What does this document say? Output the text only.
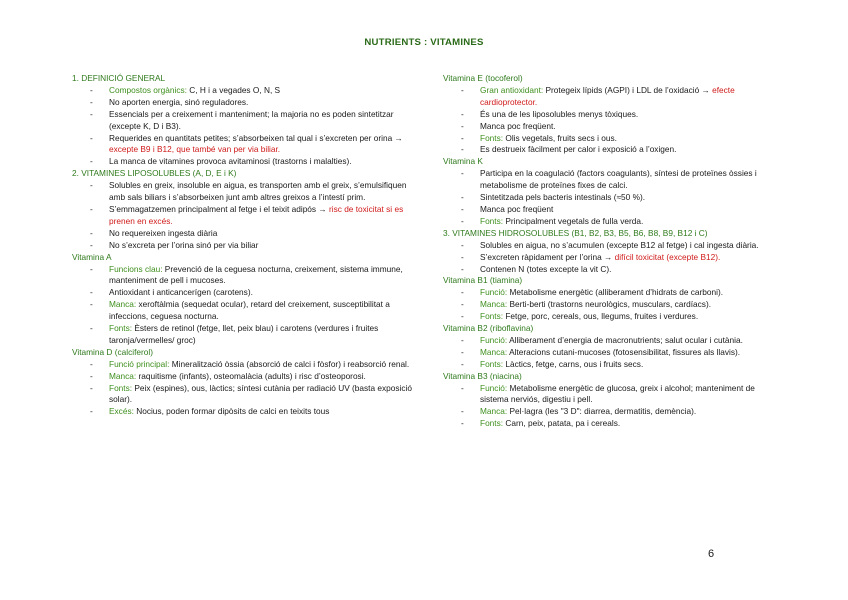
NUTRIENTS : VITAMINES
1. DEFINICIÓ GENERAL
- Compostos orgànics: C, H i a vegades O, N, S
- No aporten energia, sinó reguladores.
- Essencials per a creixement i manteniment; la majoria no es poden sintetitzar (excepte K, D i B3).
- Requerides en quantitats petites; s’absorbeixen tal qual i s’excreten per orina → excepte B9 i B12, que també van per via biliar.
- La manca de vitamines provoca avitaminosi (trastorns i malalties).
2. VITAMINES LIPOSOLUBLES (A, D, E i K)
- Solubles en greix, insoluble en aigua, es transporten amb el greix, s’emulsifiquen amb sals biliars i s’absorbeixen junt amb altres greixos a l’intestí prim.
- S’emmagatzemen principalment al fetge i el teixit adipós → risc de toxicitat si es prenen en excés.
- No requereixen ingesta diària
- No s’excreta per l’orina sinó per via biliar
Vitamina A
- Funcions clau: Prevenció de la ceguesa nocturna, creixement, sistema immune, manteniment de pell i mucoses.
- Antioxidant i anticancerígen (carotens).
- Manca: xeroftàlmia (sequedat ocular), retard del creixement, susceptibilitat a infeccions, ceguesa nocturna.
- Fonts: Èsters de retinol (fetge, llet, peix blau) i carotens (verdures i fruites taronja/vermelles/ groc)
Vitamina D (calciferol)
- Funció principal: Mineralització òssia (absorció de calci i fòsfor) i reabsorció renal.
- Manca: raquitisme (infants), osteomalàcia (adults) i risc d’osteoporosi.
- Fonts: Peix (espines), ous, làctics; síntesi cutània per radiació UV (basta exposició solar).
- Excés: Nocius, poden formar dipòsits de calci en teixits tous
Vitamina E (tocoferol)
- Gran antioxidant: Protegeix lípids (AGPI) i LDL de l’oxidació → efecte cardioprotector.
- És una de les liposolubles menys tòxiques.
- Manca poc freqüent.
- Fonts: Olis vegetals, fruits secs i ous.
- Es destrueix fàcilment per calor i exposició a l’oxigen.
Vitamina K
- Participa en la coagulació (factors coagulants), síntesi de proteïnes òssies i metabolisme de proteïnes fixes de calci.
- Sintetitzada pels bacteris intestinals (≈50 %).
- Manca poc freqüent
- Fonts: Principalment vegetals de fulla verda.
3. VITAMINES HIDROSOLUBLES (B1, B2, B3, B5, B6, B8, B9, B12 i C)
- Solubles en aigua, no s’acumulen (excepte B12 al fetge) i cal ingesta diària.
- S’excreten ràpidament per l’orina → difícil toxicitat (excepte B12).
- Contenen N (totes excepte la vit C).
Vitamina B1 (tiamina)
- Funció: Metabolisme energètic (alliberament d’hidrats de carboni).
- Manca: Berti-berti (trastorns neurològics, musculars, cardíacs).
- Fonts: Fetge, porc, cereals, ous, llegums, fruites i verdures.
Vitamina B2 (riboflavina)
- Funció: Alliberament d’energia de macronutrients; salut ocular i cutània.
- Manca: Alteracions cutani-mucoses (fotosensibilitat, fissures als llavis).
- Fonts: Làctics, fetge, carns, ous i fruits secs.
Vitamina B3 (niacina)
- Funció: Metabolisme energètic de glucosa, greix i alcohol; manteniment de sistema nerviós, digestiu i pell.
- Manca: Pel·lagra (les "3 D": diarrea, dermatitis, demència).
- Fonts: Carn, peix, patata, pa i cereals.
6
